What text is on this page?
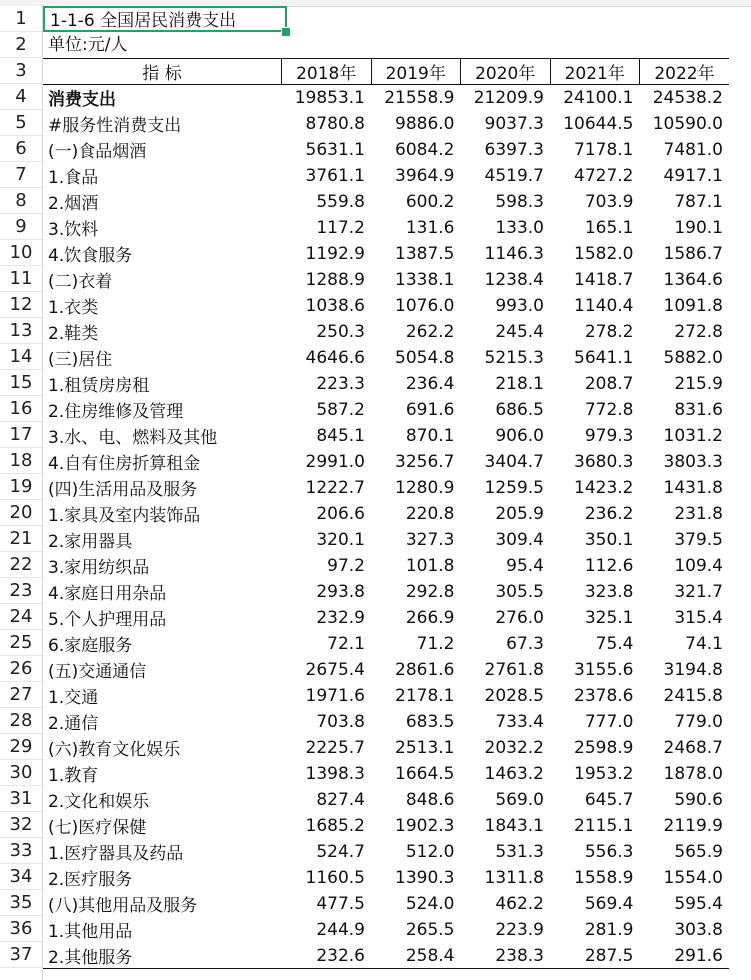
1
2
3
4
5
6
7
8
9
10
11
12
13
14
15
16
17
18
19
20
21
22
23
24
25
26
27
28
29
30
31
32
33
34
35
36
37
1-1-6 全国居民消费支出
单位:元/人
指 标	2018年	2019年	2020年	2021年	2022年
消费支出	19853.1	21558.9	21209.9	24100.1	24538.2
#服务性消费支出	8780.8	9886.0	9037.3	10644.5	10590.0
(一)食品烟酒	5631.1	6084.2	6397.3	7178.1	7481.0
1.食品	3761.1	3964.9	4519.7	4727.2	4917.1
2.烟酒	559.8	600.2	598.3	703.9	787.1
3.饮料	117.2	131.6	133.0	165.1	190.1
4.饮食服务	1192.9	1387.5	1146.3	1582.0	1586.7
(二)衣着	1288.9	1338.1	1238.4	1418.7	1364.6
1.衣类	1038.6	1076.0	993.0	1140.4	1091.8
2.鞋类	250.3	262.2	245.4	278.2	272.8
(三)居住	4646.6	5054.8	5215.3	5641.1	5882.0
1.租赁房房租	223.3	236.4	218.1	208.7	215.9
2.住房维修及管理	587.2	691.6	686.5	772.8	831.6
3.水、电、燃料及其他	845.1	870.1	906.0	979.3	1031.2
4.自有住房折算租金	2991.0	3256.7	3404.7	3680.3	3803.3
(四)生活用品及服务	1222.7	1280.9	1259.5	1423.2	1431.8
1.家具及室内装饰品	206.6	220.8	205.9	236.2	231.8
2.家用器具	320.1	327.3	309.4	350.1	379.5
3.家用纺织品	97.2	101.8	95.4	112.6	109.4
4.家庭日用杂品	293.8	292.8	305.5	323.8	321.7
5.个人护理用品	232.9	266.9	276.0	325.1	315.4
6.家庭服务	72.1	71.2	67.3	75.4	74.1
(五)交通通信	2675.4	2861.6	2761.8	3155.6	3194.8
1.交通	1971.6	2178.1	2028.5	2378.6	2415.8
2.通信	703.8	683.5	733.4	777.0	779.0
(六)教育文化娱乐	2225.7	2513.1	2032.2	2598.9	2468.7
1.教育	1398.3	1664.5	1463.2	1953.2	1878.0
2.文化和娱乐	827.4	848.6	569.0	645.7	590.6
(七)医疗保健	1685.2	1902.3	1843.1	2115.1	2119.9
1.医疗器具及药品	524.7	512.0	531.3	556.3	565.9
2.医疗服务	1160.5	1390.3	1311.8	1558.9	1554.0
(八)其他用品及服务	477.5	524.0	462.2	569.4	595.4
1.其他用品	244.9	265.5	223.9	281.9	303.8
2.其他服务	232.6	258.4	238.3	287.5	291.6
